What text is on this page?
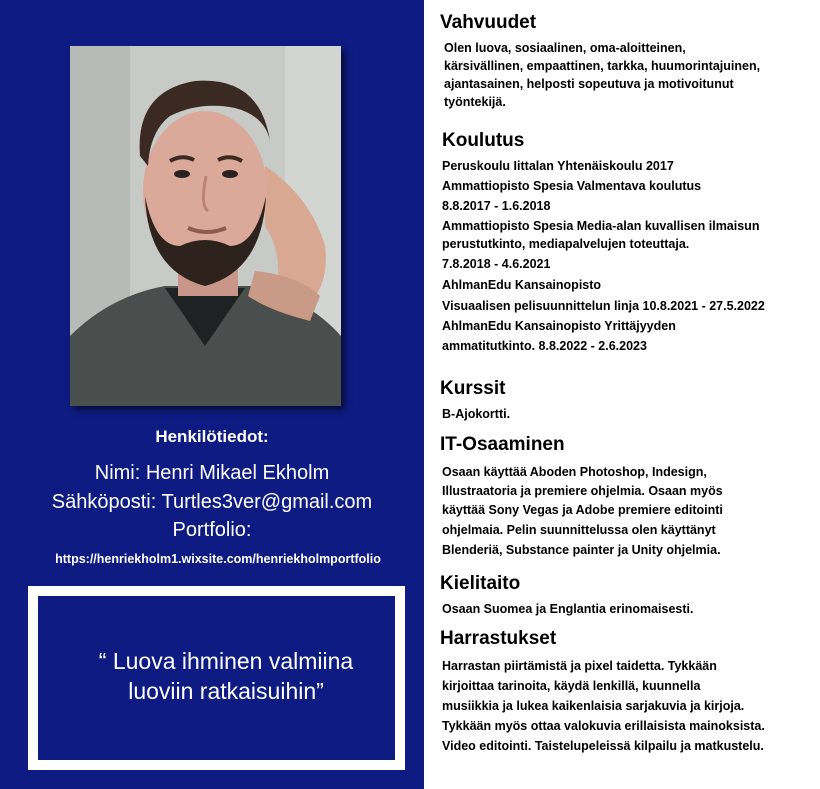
Henkilötiedot:
Nimi: Henri Mikael Ekholm
Sähköposti: Turtles3ver@gmail.com
Portfolio:
https://henriekholm1.wixsite.com/henriekholmportfolio
“ Luova ihminen valmiina
luoviin ratkaisuihin”
Vahvuudet
Olen luova, sosiaalinen, oma-aloitteinen,
kärsivällinen, empaattinen, tarkka, huumorintajuinen,
ajantasainen, helposti sopeutuva ja motivoitunut
työntekijä.
Koulutus
Peruskoulu Iittalan Yhtenäiskoulu 2017
Ammattiopisto Spesia Valmentava koulutus
8.8.2017 - 1.6.2018
Ammattiopisto Spesia Media-alan kuvallisen ilmaisun
perustutkinto, mediapalvelujen toteuttaja.
7.8.2018 - 4.6.2021
AhlmanEdu Kansainopisto
Visuaalisen pelisuunnittelun linja 10.8.2021 - 27.5.2022
AhlmanEdu Kansainopisto Yrittäjyyden
ammatitutkinto. 8.8.2022 - 2.6.2023
Kurssit
B-Ajokortti.
IT-Osaaminen
Osaan käyttää Aboden Photoshop, Indesign,
Illustraatoria ja premiere ohjelmia. Osaan myös
käyttää Sony Vegas ja Adobe premiere editointi
ohjelmaia. Pelin suunnittelussa olen käyttänyt
Blenderiä, Substance painter ja Unity ohjelmia.
Kielitaito
Osaan Suomea ja Englantia erinomaisesti.
Harrastukset
Harrastan piirtämistä ja pixel taidetta. Tykkään
kirjoittaa tarinoita, käydä lenkillä, kuunnella
musiikkia ja lukea kaikenlaisia sarjakuvia ja kirjoja.
Tykkään myös ottaa valokuvia erillaisista mainoksista.
Video editointi. Taistelupeleissä kilpailu ja matkustelu.
